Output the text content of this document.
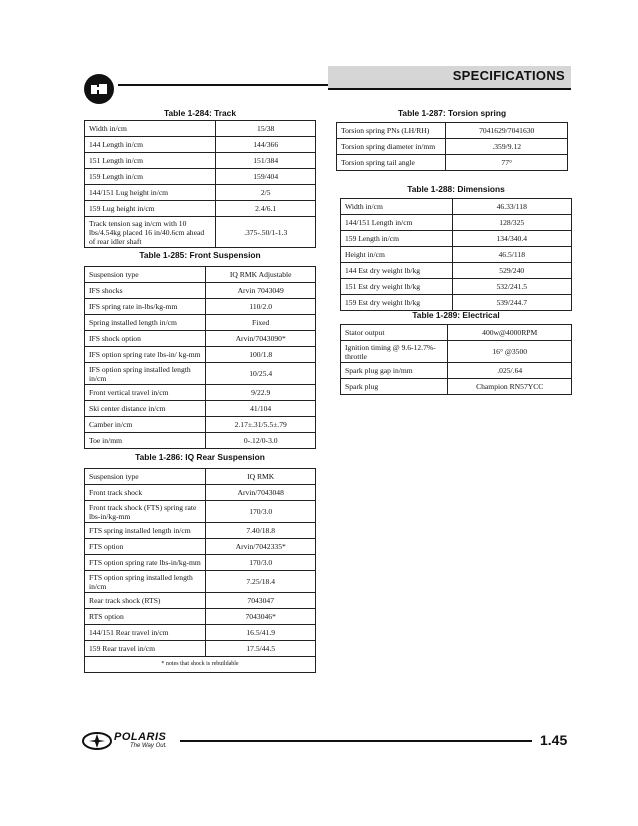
SPECIFICATIONS
Table 1-284: Track
Width in/cm	15/38
144 Length in/cm	144/366
151 Length in/cm	151/384
159 Length in/cm	159/404
144/151 Lug height in/cm	2/5
159 Lug height in/cm	2.4/6.1
Track tension sag in/cm with 10 lbs/4.54kg placed 16 in/40.6cm ahead of rear idler shaft	.375-.50/1-1.3
Table 1-285: Front Suspension
Suspension type	IQ RMK Adjustable
IFS shocks	Arvin 7043049
IFS spring rate in-lbs/kg-mm	110/2.0
Spring installed length in/cm	Fixed
IFS shock option	Arvin/7043090*
IFS option spring rate lbs-in/ kg-mm	100/1.8
IFS option spring installed length in/cm	10/25.4
Front vertical travel in/cm	9/22.9
Ski center distance in/cm	41/104
Camber in/cm	2.17±.31/5.5±.79
Toe in/mm	0-.12/0-3.0
Table 1-286: IQ Rear Suspension
Suspension type	IQ RMK
Front track shock	Arvin/7043048
Front track shock (FTS) spring rate lbs-in/kg-mm	170/3.0
FTS spring installed length in/cm	7.40/18.8
FTS option	Arvin/7042335*
FTS option spring rate lbs-in/kg-mm	170/3.0
FTS option spring installed length in/cm	7.25/18.4
Rear track shock (RTS)	7043047
RTS option	7043046*
144/151 Rear travel in/cm	16.5/41.9
159 Rear travel in/cm	17.5/44.5
* notes that shock is rebuildable	
Table 1-287: Torsion spring
Torsion spring PNs (LH/RH)	7041629/7041630
Torsion spring diameter in/mm	.359/9.12
Torsion spring tail angle	77°
Table 1-288: Dimensions
Width in/cm	46.33/118
144/151 Length in/cm	128/325
159 Length in/cm	134/340.4
Height in/cm	46.5/118
144 Est dry weight lb/kg	529/240
151 Est dry weight lb/kg	532/241.5
159 Est dry weight lb/kg	539/244.7
Table 1-289: Electrical
Stator output	400w@4000RPM
Ignition timing @ 9.6-12.7%- throttle	16° @3500
Spark plug gap in/mm	.025/.64
Spark plug	Champion RN57YCC
POLARIS
The Way Out.	1.45
